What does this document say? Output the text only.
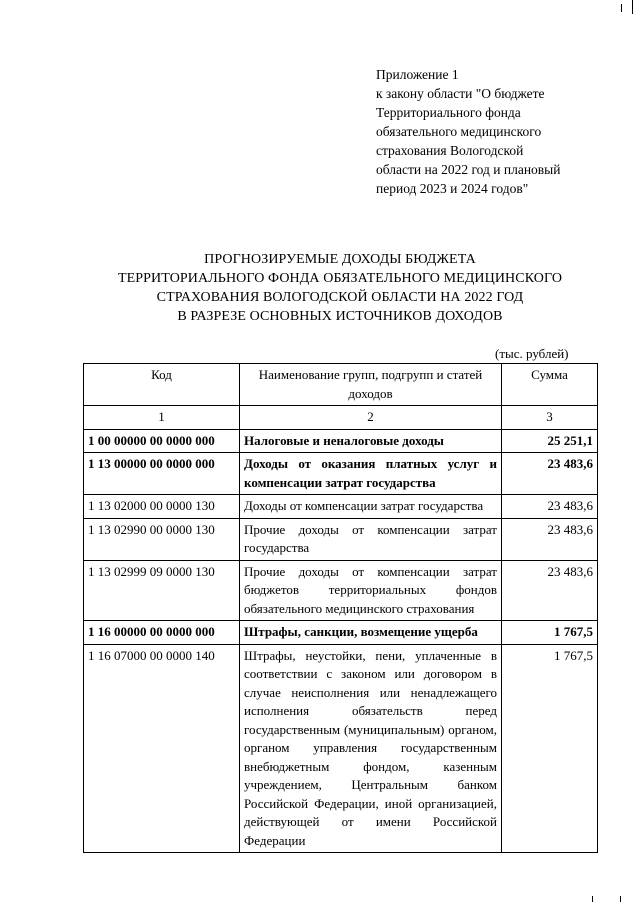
Приложение 1
к закону области "О бюджете
Территориального фонда
обязательного медицинского
страхования Вологодской
области на 2022 год и плановый
период 2023 и 2024 годов"
ПРОГНОЗИРУЕМЫЕ ДОХОДЫ БЮДЖЕТА
ТЕРРИТОРИАЛЬНОГО ФОНДА ОБЯЗАТЕЛЬНОГО МЕДИЦИНСКОГО
СТРАХОВАНИЯ ВОЛОГОДСКОЙ ОБЛАСТИ НА 2022 ГОД
В РАЗРЕЗЕ ОСНОВНЫХ ИСТОЧНИКОВ ДОХОДОВ
(тыс. рублей)
Код	Наименование групп, подгрупп и статей доходов	Сумма
1	2	3
1 00 00000 00 0000 000	Налоговые и неналоговые доходы	25 251,1
1 13 00000 00 0000 000	Доходы от оказания платных услуг и компенсации затрат государства	23 483,6
1 13 02000 00 0000 130	Доходы от компенсации затрат государства	23 483,6
1 13 02990 00 0000 130	Прочие доходы от компенсации затрат государства	23 483,6
1 13 02999 09 0000 130	Прочие доходы от компенсации затрат бюджетов территориальных фондов обязательного медицинского страхования	23 483,6
1 16 00000 00 0000 000	Штрафы, санкции, возмещение ущерба	1 767,5
1 16 07000 00 0000 140	Штрафы, неустойки, пени, уплаченные в соответствии с законом или договором в случае неисполнения или ненадлежащего исполнения обязательств перед государственным (муниципальным) органом, органом управления государственным внебюджетным фондом, казенным учреждением, Центральным банком Российской Федерации, иной организацией, действующей от имени Российской Федерации	1 767,5
